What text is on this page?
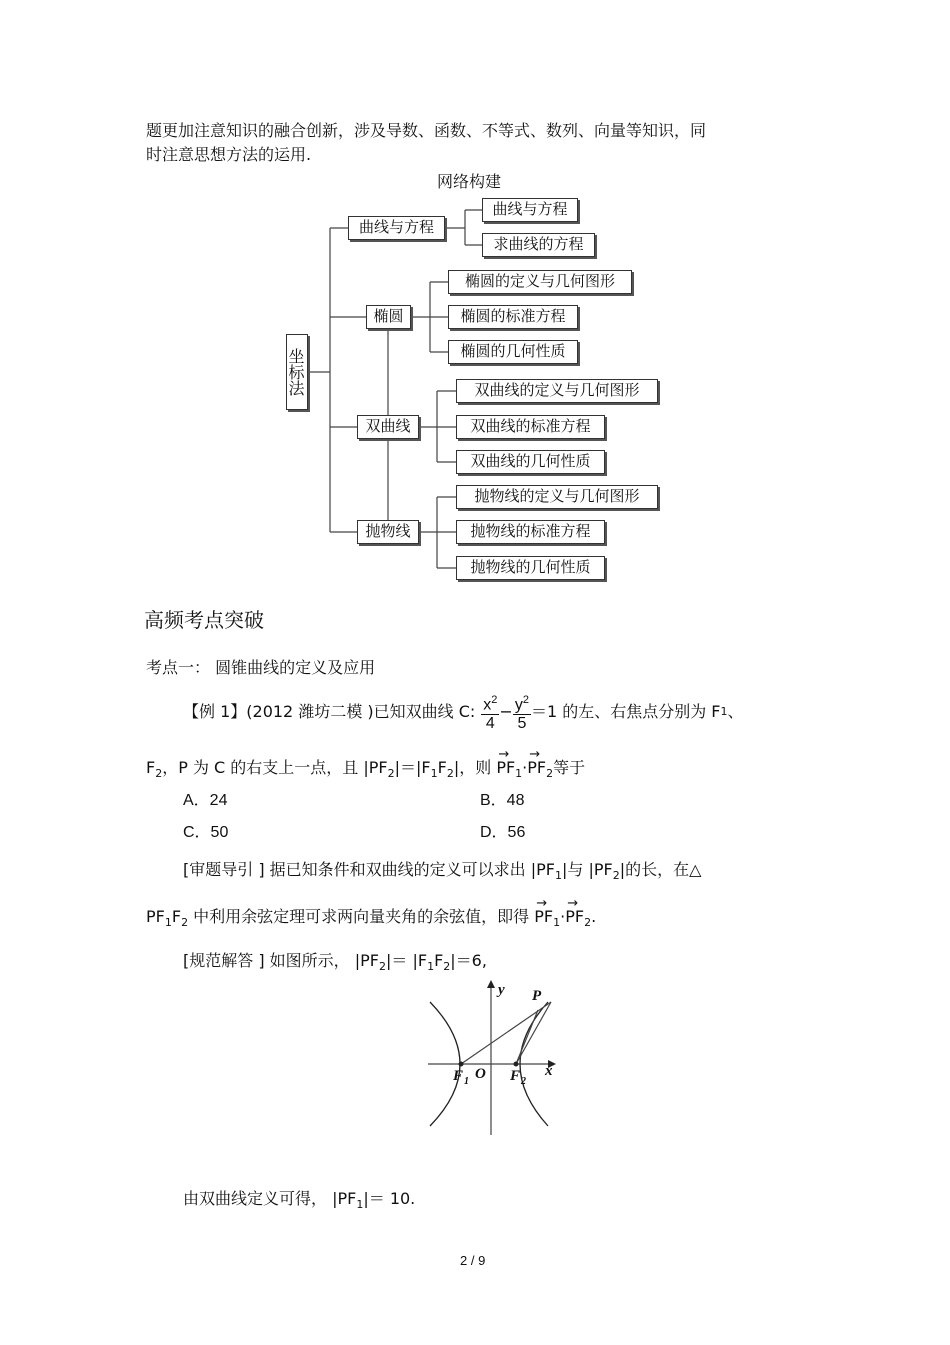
题更加注意知识的融合创新，涉及导数、函数、不等式、数列、向量等知识，同
时注意思想方法的运用.
网络构建
坐标法
曲线与方程
曲线与方程
求曲线的方程
椭圆
椭圆的定义与几何图形
椭圆的标准方程
椭圆的几何性质
双曲线
双曲线的定义与几何图形
双曲线的标准方程
双曲线的几何性质
抛物线
抛物线的定义与几何图形
抛物线的标准方程
抛物线的几何性质
高频考点突破
考点一： 圆锥曲线的定义及应用
【例 1】(2012 潍坊二模 )已知双曲线 C: $\frac{x^2}{4} - \frac{y^2}{5} =1$ 的左、右焦点分别为 F 1 、
$F_2$，P 为 C 的右支上一点，且 $|PF_2|=|F_1F_2|$，则 → $PF_1\cdot\to PF_2$等于
A．24	B．48
C．50	D．56
[审题导引 ] 据已知条件和双曲线的定义可以求出 $|PF_1|$与 $|PF_2|$的长，在△
$PF_1F_2$ 中利用余弦定理可求两向量夹角的余弦值，即得 → $PF_1\cdot\to PF_2$.
[规范解答 ] 如图所示， $|PF_2|= |F_1F_2|=6$,
y
x
P
O
F 1	F 2
由双曲线定义可得， $|PF_1|= 10$.
2 / 9
